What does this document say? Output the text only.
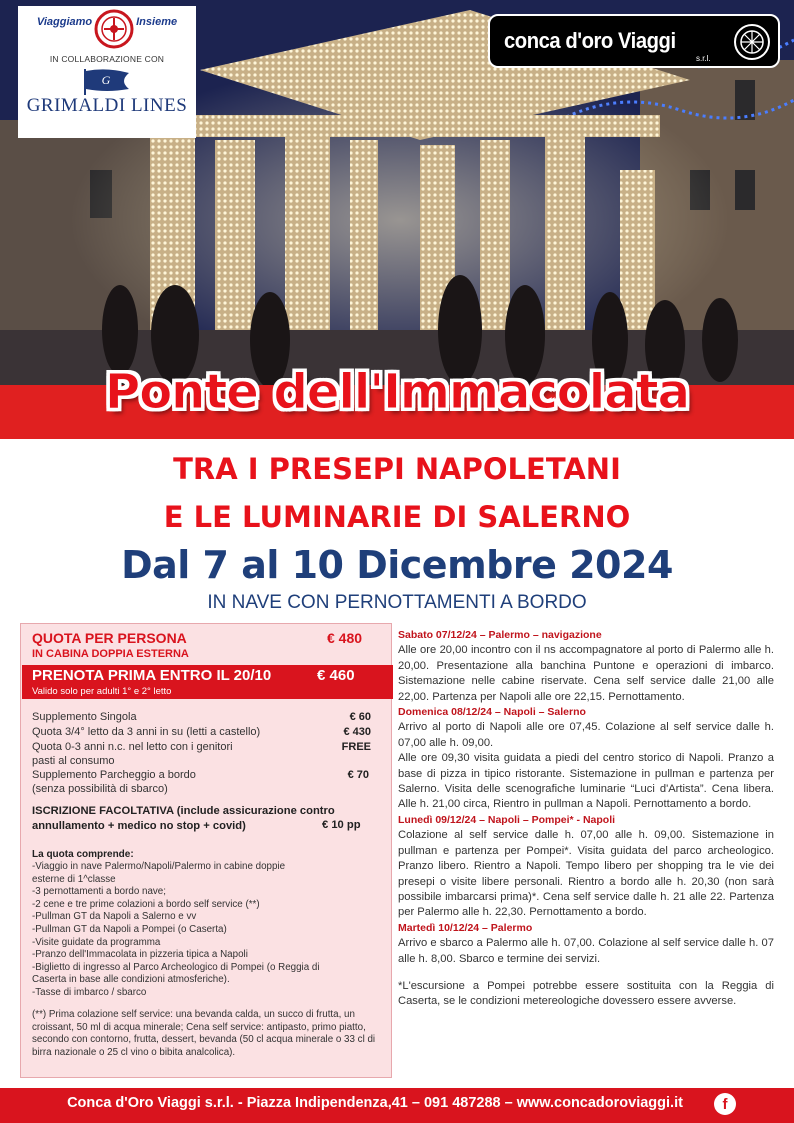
Viaggiamo	Insieme
IN COLLABORAZIONE CON
G
GRIMALDI LINES
conca d'oro Viaggi
s.r.l.
Ponte dell'Immacolata
TRA I PRESEPI NAPOLETANI
E LE LUMINARIE DI SALERNO
Dal 7 al 10 Dicembre 2024
IN NAVE CON PERNOTTAMENTI A BORDO
QUOTA PER PERSONA	€ 480
IN CABINA DOPPIA ESTERNA
PRENOTA PRIMA ENTRO IL 20/10	€ 460
Valido solo per adulti 1° e 2° letto
Supplemento Singola	€ 60
Quota 3/4° letto da 3 anni in su (letti a castello)	€ 430
Quota 0-3 anni n.c. nel letto con i genitori	FREE
pasti al consumo
Supplemento Parcheggio a bordo	€ 70
(senza possibilità di sbarco)
ISCRIZIONE FACOLTATIVA (include assicurazione contro annullamento + medico no stop + covid)	€ 10 pp
La quota comprende:
-Viaggio in nave Palermo/Napoli/Palermo in cabine doppie
esterne di 1^classe
-3 pernottamenti a bordo nave;
-2 cene e tre prime colazioni a bordo self service (**)
-Pullman GT da Napoli a Salerno e vv
-Pullman GT da Napoli a Pompei (o Caserta)
-Visite guidate da programma
-Pranzo dell'Immacolata in pizzeria tipica a Napoli
-Biglietto di ingresso al Parco Archeologico di Pompei (o Reggia di
Caserta in base alle condizioni atmosferiche).
-Tasse di imbarco / sbarco
(**) Prima colazione self service: una bevanda calda, un succo di frutta, un croissant, 50 ml di acqua minerale; Cena self service: antipasto, primo piatto, secondo con contorno, frutta, dessert, bevanda (50 cl acqua minerale o 33 cl di birra nazionale o 25 cl vino o bibita analcolica).
Sabato 07/12/24 – Palermo – navigazione

Alle ore 20,00 incontro con il ns accompagnatore al porto di Palermo alle h. 20,00. Presentazione alla banchina Puntone e operazioni di imbarco. Sistemazione nelle cabine riservate. Cena self service dalle 21,00 alle 22,00. Partenza per Napoli alle ore 22,15. Pernottamento.

Domenica 08/12/24 – Napoli – Salerno

Arrivo al porto di Napoli alle ore 07,45. Colazione al self service dalle h. 07,00 alle h. 09,00.
Alle ore 09,30 visita guidata a piedi del centro storico di Napoli. Pranzo a base di pizza in tipico ristorante. Sistemazione in pullman e partenza per Salerno. Visita delle scenografiche luminarie “Luci d'Artista”. Cena libera. Alle h. 21,00 circa, Rientro in pullman a Napoli. Pernottamento a bordo.

Lunedì 09/12/24 – Napoli – Pompei* - Napoli

Colazione al self service dalle h. 07,00 alle h. 09,00. Sistemazione in pullman e partenza per Pompei*. Visita guidata del parco archeologico. Pranzo libero. Rientro a Napoli. Tempo libero per shopping tra le vie dei presepi o visite libere personali. Rientro a bordo alle h. 20,30 (non sarà possibile imbarcarsi prima)*. Cena self service dalle h. 21 alle 22. Partenza per Palermo alle h. 22,30. Pernottamento a bordo.

Martedì 10/12/24 – Palermo

Arrivo e sbarco a Palermo alle h. 07,00. Colazione al self service dalle h. 07 alle h. 8,00. Sbarco e termine dei servizi.

*L'escursione a Pompei potrebbe essere sostituita con la Reggia di Caserta, se le condizioni metereologiche dovessero essere avverse.

Conca d'Oro Viaggi s.r.l. - Piazza Indipendenza,41 – 091 487288 – www.concadoroviaggi.it	f
